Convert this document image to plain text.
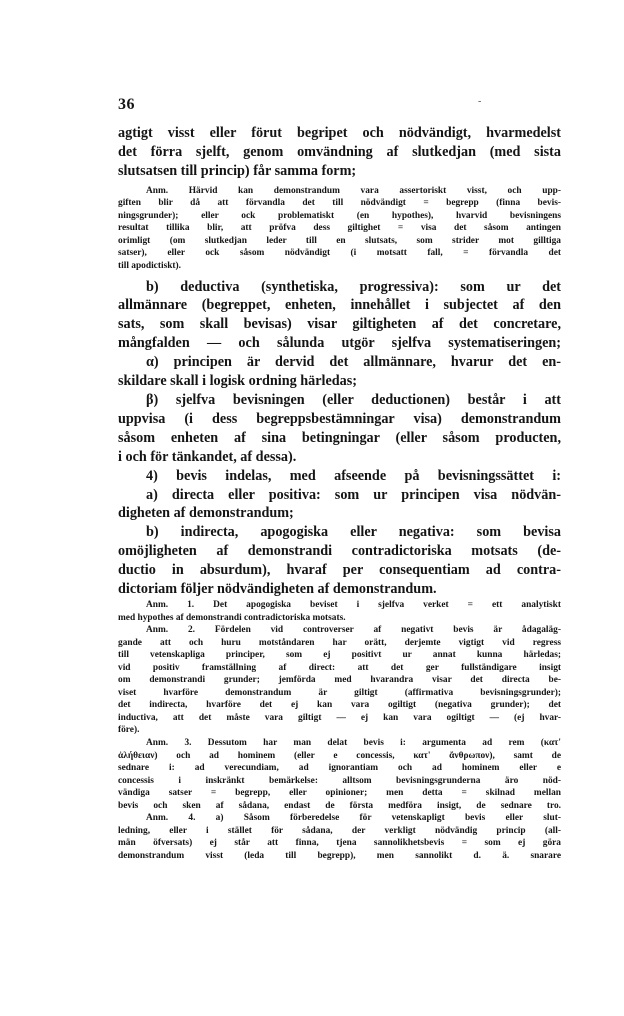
36	-
agtigt visst eller förut begripet och nödvändigt, hvarmedelst
det förra sjelft, genom omvändning af slutkedjan (med sista
slutsatsen till princip) får samma form;
Anm. Härvid kan demonstrandum vara assertoriskt visst, och upp-
giften blir då att förvandla det till nödvändigt = begrepp (finna bevis-
ningsgrunder); eller ock problematiskt (en hypothes), hvarvid bevisningens
resultat tillika blir, att pröfva dess giltighet = visa det såsom antingen
orimligt (om slutkedjan leder till en slutsats, som strider mot gilltiga
satser), eller ock såsom nödvändigt (i motsatt fall, = förvandla det
till apodictiskt).
b) deductiva (synthetiska, progressiva): som ur det
allmännare (begreppet, enheten, innehållet i subjectet af den
sats, som skall bevisas) visar giltigheten af det concretare,
mångfalden — och sålunda utgör sjelfva systematiseringen;
α) principen är dervid det allmännare, hvarur det en-
skildare skall i logisk ordning härledas;
β) sjelfva bevisningen (eller deductionen) består i att
uppvisa (i dess begreppsbestämningar visa) demonstrandum
såsom enheten af sina betingningar (eller såsom producten,
i och för tänkandet, af dessa).
4) bevis indelas, med afseende på bevisningssättet i:
a) directa eller positiva: som ur principen visa nödvän-
digheten af demonstrandum;
b) indirecta, apogogiska eller negativa: som bevisa
omöjligheten af demonstrandi contradictoriska motsats (de-
ductio in absurdum), hvaraf per consequentiam ad contra-
dictoriam följer nödvändigheten af demonstrandum.
Anm. 1. Det apogogiska beviset i sjelfva verket = ett analytiskt
med hypothes af demonstrandi contradictoriska motsats.
Anm. 2. Fördelen vid controverser af negativt bevis är ådagaläg-
gande att och huru motståndaren har orätt, derjemte vigtigt vid regress
till vetenskapliga principer, som ej positivt ur annat kunna härledas;
vid positiv framställning af direct: att det ger fullständigare insigt
om demonstrandi grunder; jemförda med hvarandra visar det directa be-
viset hvarföre demonstrandum är giltigt (affirmativa bevisningsgrunder);
det indirecta, hvarföre det ej kan vara ogiltigt (negativa grunder); det
inductiva, att det måste vara giltigt — ej kan vara ogiltigt — (ej hvar-
före).
Anm. 3. Dessutom har man delat bevis i: argumenta ad rem (κατ'
ἀλήθειαν) och ad hominem (eller e concessis, κατ' ἄνθρωπον), samt de
sednare i: ad verecundiam, ad ignorantiam och ad hominem eller e
concessis i inskränkt bemärkelse: alltsom bevisningsgrunderna äro nöd-
vändiga satser = begrepp, eller opinioner; men detta = skilnad mellan
bevis och sken af sådana, endast de första medföra insigt, de sednare tro.
Anm. 4. a) Såsom förberedelse för vetenskapligt bevis eller slut-
ledning, eller i stället för sådana, der verkligt nödvändig princip (all-
män öfversats) ej står att finna, tjena sannolikhetsbevis = som ej göra
demonstrandum visst (leda till begrepp), men sannolikt d. ä. snarare
